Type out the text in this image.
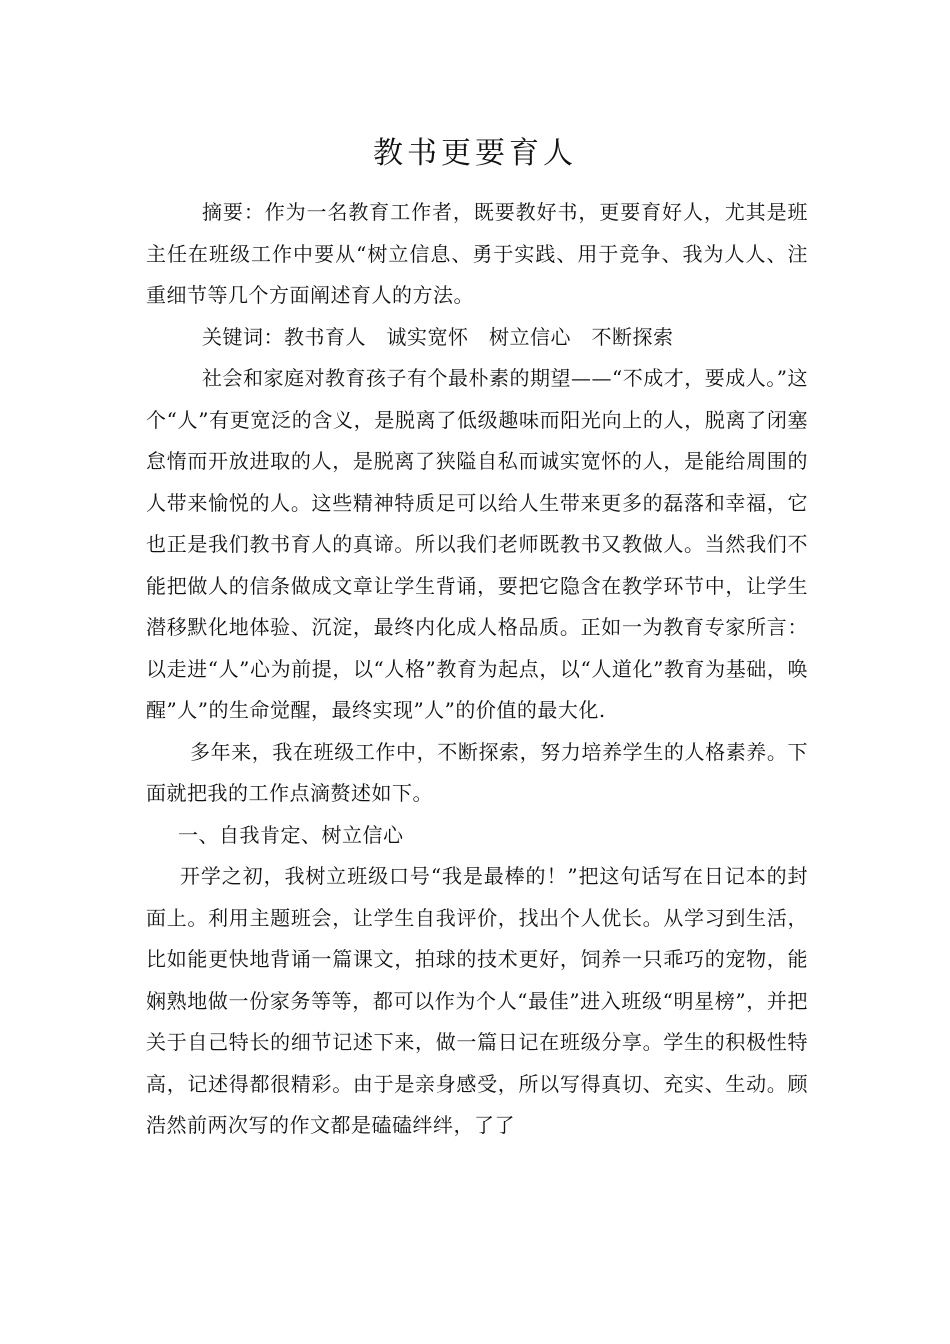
教书更要育人

摘要：作为一名教育工作者，既要教好书，更要育好人，尤其是班主任在班级工作中要从“树立信息、勇于实践、用于竞争、我为人人、注重细节等几个方面阐述育人的方法。

关键词：教书育人　诚实宽怀　树立信心　不断探索

社会和家庭对教育孩子有个最朴素的期望——“不成才，要成人。”这个“人”有更宽泛的含义，是脱离了低级趣味而阳光向上的人，脱离了闭塞怠惰而开放进取的人，是脱离了狭隘自私而诚实宽怀的人，是能给周围的人带来愉悦的人。这些精神特质足可以给人生带来更多的磊落和幸福，它也正是我们教书育人的真谛。所以我们老师既教书又教做人。当然我们不能把做人的信条做成文章让学生背诵，要把它隐含在教学环节中，让学生潜移默化地体验、沉淀，最终内化成人格品质。正如一为教育专家所言：以走进“人”心为前提，以“人格”教育为起点，以“人道化”教育为基础，唤醒”人”的生命觉醒，最终实现”人”的价值的最大化.

多年来，我在班级工作中，不断探索，努力培养学生的人格素养。下面就把我的工作点滴赘述如下。

一、自我肯定、树立信心

开学之初，我树立班级口号“我是最棒的！”把这句话写在日记本的封面上。利用主题班会，让学生自我评价，找出个人优长。从学习到生活，比如能更快地背诵一篇课文，拍球的技术更好，饲养一只乖巧的宠物，能娴熟地做一份家务等等，都可以作为个人“最佳”进入班级“明星榜”，并把关于自己特长的细节记述下来，做一篇日记在班级分享。学生的积极性特高，记述得都很精彩。由于是亲身感受，所以写得真切、充实、生动。顾浩然前两次写的作文都是磕磕绊绊，了了
